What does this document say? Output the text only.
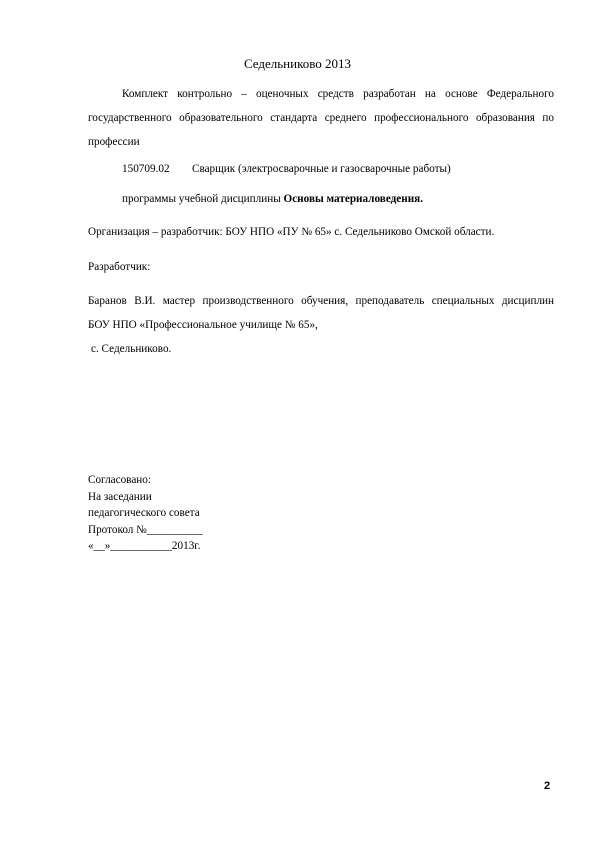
Седельниково 2013
Комплект контрольно – оценочных средств разработан на основе Федерального
государственного образовательного стандарта среднего профессионального образования по
профессии
150709.02 Сварщик (электросварочные и газосварочные работы)
программы учебной дисциплины Основы материаловедения.
Организация – разработчик: БОУ НПО «ПУ № 65» с. Седельниково Омской области.
Разработчик:
Баранов В.И. мастер производственного обучения, преподаватель специальных дисциплин
БОУ НПО «Профессиональное училище № 65»,
с. Седельниково.
Согласовано:
На заседании
педагогического совета
Протокол №__________
«__»___________2013г.
2
